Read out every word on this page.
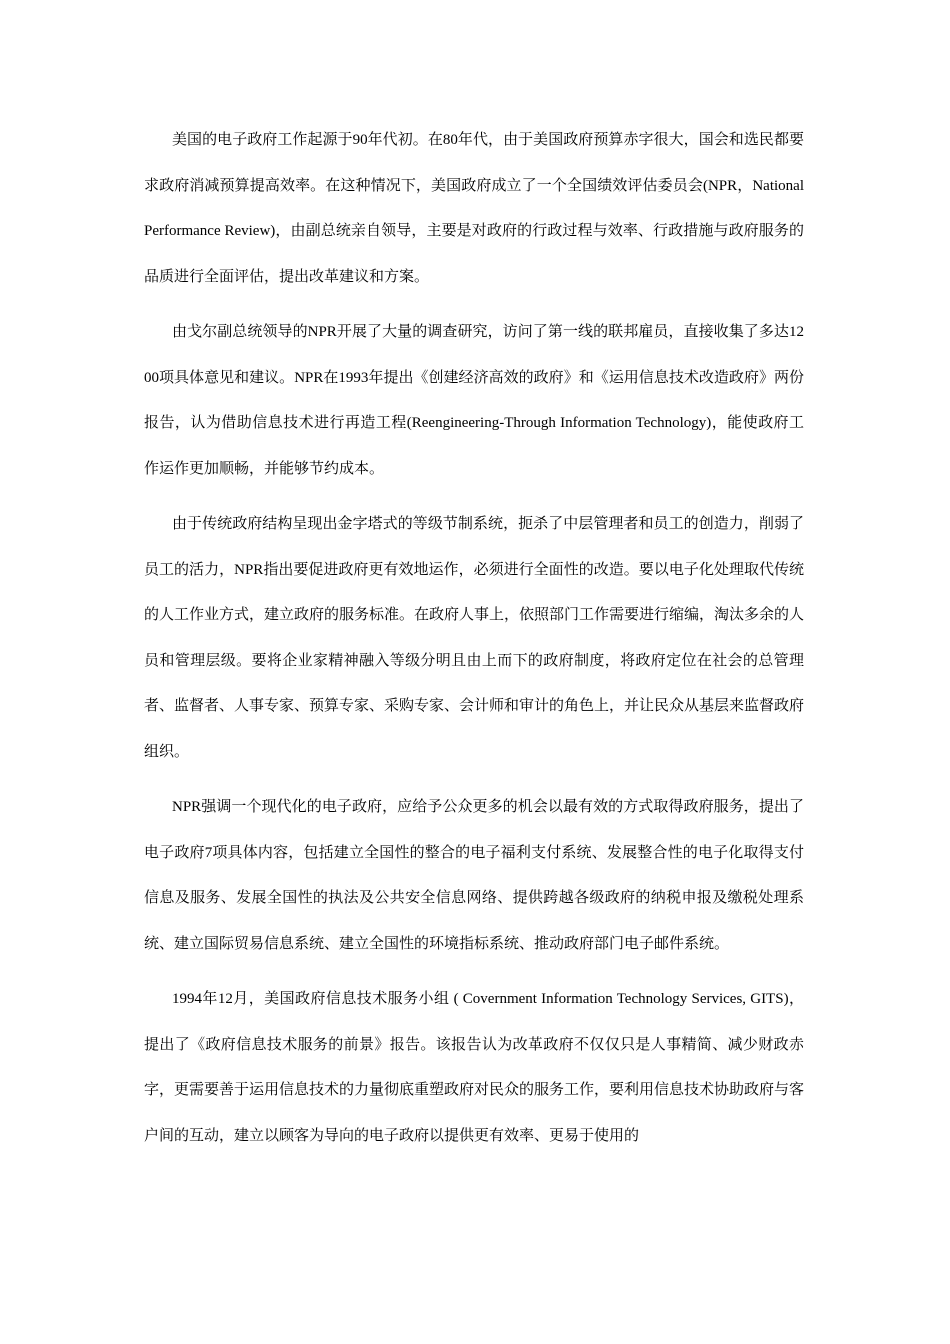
美国的电子政府工作起源于90年代初。在80年代，由于美国政府预算赤字很大，国会和选民都要求政府消减预算提高效率。在这种情况下，美国政府成立了一个全国绩效评估委员会(NPR，National Performance Review)，由副总统亲自领导，主要是对政府的行政过程与效率、行政措施与政府服务的品质进行全面评估，提出改革建议和方案。

由戈尔副总统领导的NPR开展了大量的调查研究，访问了第一线的联邦雇员，直接收集了多达1200项具体意见和建议。NPR在1993年提出《创建经济高效的政府》和《运用信息技术改造政府》两份报告，认为借助信息技术进行再造工程(Reengineering-Through Information Technology)，能使政府工作运作更加顺畅，并能够节约成本。

由于传统政府结构呈现出金字塔式的等级节制系统，扼杀了中层管理者和员工的创造力，削弱了员工的活力，NPR指出要促进政府更有效地运作，必须进行全面性的改造。要以电子化处理取代传统的人工作业方式，建立政府的服务标准。在政府人事上，依照部门工作需要进行缩编，淘汰多余的人员和管理层级。要将企业家精神融入等级分明且由上而下的政府制度，将政府定位在社会的总管理者、监督者、人事专家、预算专家、采购专家、会计师和审计的角色上，并让民众从基层来监督政府组织。

NPR强调一个现代化的电子政府，应给予公众更多的机会以最有效的方式取得政府服务，提出了电子政府7项具体内容，包括建立全国性的整合的电子福利支付系统、发展整合性的电子化取得支付信息及服务、发展全国性的执法及公共安全信息网络、提供跨越各级政府的纳税申报及缴税处理系统、建立国际贸易信息系统、建立全国性的环境指标系统、推动政府部门电子邮件系统。

1994年12月，美国政府信息技术服务小组 ( Covernment Information Technology Services, GITS)，提出了《政府信息技术服务的前景》报告。该报告认为改革政府不仅仅只是人事精简、减少财政赤字，更需要善于运用信息技术的力量彻底重塑政府对民众的服务工作，要利用信息技术协助政府与客户间的互动，建立以顾客为导向的电子政府以提供更有效率、更易于使用的
